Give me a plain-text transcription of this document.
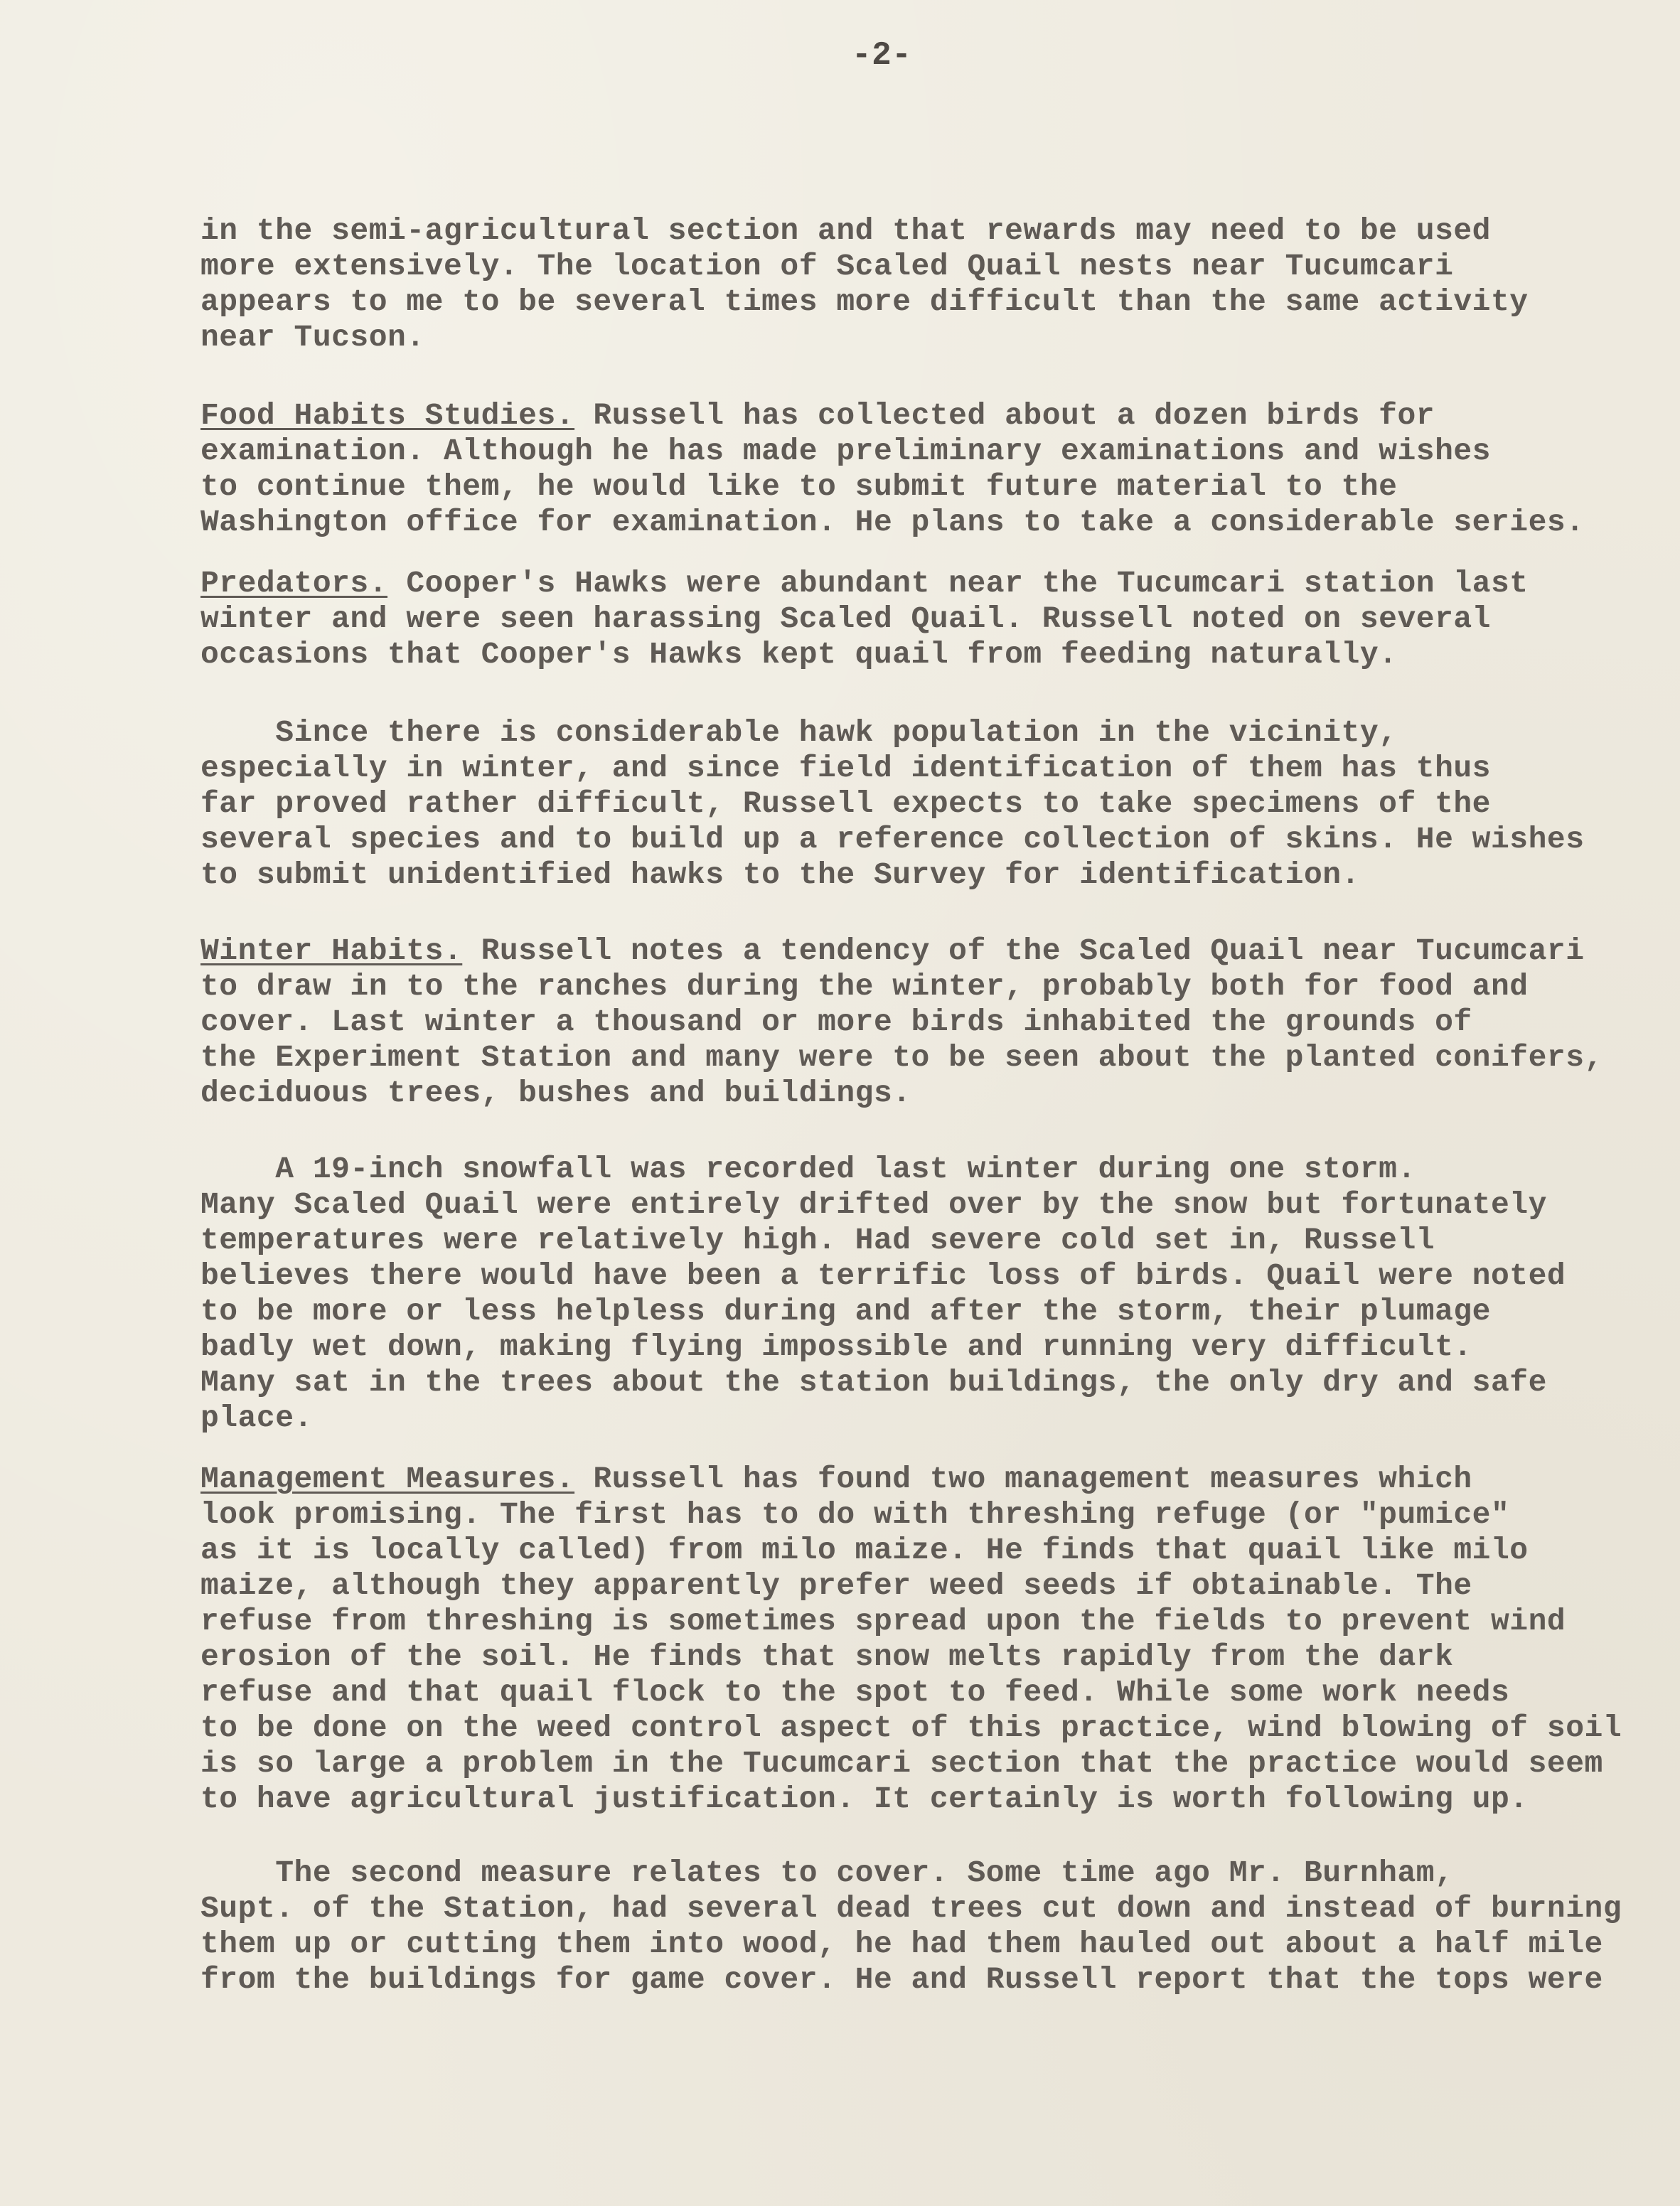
-2-
in the semi-agricultural section and that rewards may need to be used
more extensively. The location of Scaled Quail nests near Tucumcari
appears to me to be several times more difficult than the same activity
near Tucson.
Food Habits Studies. Russell has collected about a dozen birds for
examination. Although he has made preliminary examinations and wishes
to continue them, he would like to submit future material to the
Washington office for examination. He plans to take a considerable series.
Predators. Cooper's Hawks were abundant near the Tucumcari station last
winter and were seen harassing Scaled Quail. Russell noted on several
occasions that Cooper's Hawks kept quail from feeding naturally.
Since there is considerable hawk population in the vicinity,
especially in winter, and since field identification of them has thus
far proved rather difficult, Russell expects to take specimens of the
several species and to build up a reference collection of skins. He wishes
to submit unidentified hawks to the Survey for identification.
Winter Habits. Russell notes a tendency of the Scaled Quail near Tucumcari
to draw in to the ranches during the winter, probably both for food and
cover. Last winter a thousand or more birds inhabited the grounds of
the Experiment Station and many were to be seen about the planted conifers,
deciduous trees, bushes and buildings.
A 19-inch snowfall was recorded last winter during one storm.
Many Scaled Quail were entirely drifted over by the snow but fortunately
temperatures were relatively high. Had severe cold set in, Russell
believes there would have been a terrific loss of birds. Quail were noted
to be more or less helpless during and after the storm, their plumage
badly wet down, making flying impossible and running very difficult.
Many sat in the trees about the station buildings, the only dry and safe
place.
Management Measures. Russell has found two management measures which
look promising. The first has to do with threshing refuge (or "pumice"
as it is locally called) from milo maize. He finds that quail like milo
maize, although they apparently prefer weed seeds if obtainable. The
refuse from threshing is sometimes spread upon the fields to prevent wind
erosion of the soil. He finds that snow melts rapidly from the dark
refuse and that quail flock to the spot to feed. While some work needs
to be done on the weed control aspect of this practice, wind blowing of soil
is so large a problem in the Tucumcari section that the practice would seem
to have agricultural justification. It certainly is worth following up.
The second measure relates to cover. Some time ago Mr. Burnham,
Supt. of the Station, had several dead trees cut down and instead of burning
them up or cutting them into wood, he had them hauled out about a half mile
from the buildings for game cover. He and Russell report that the tops were
